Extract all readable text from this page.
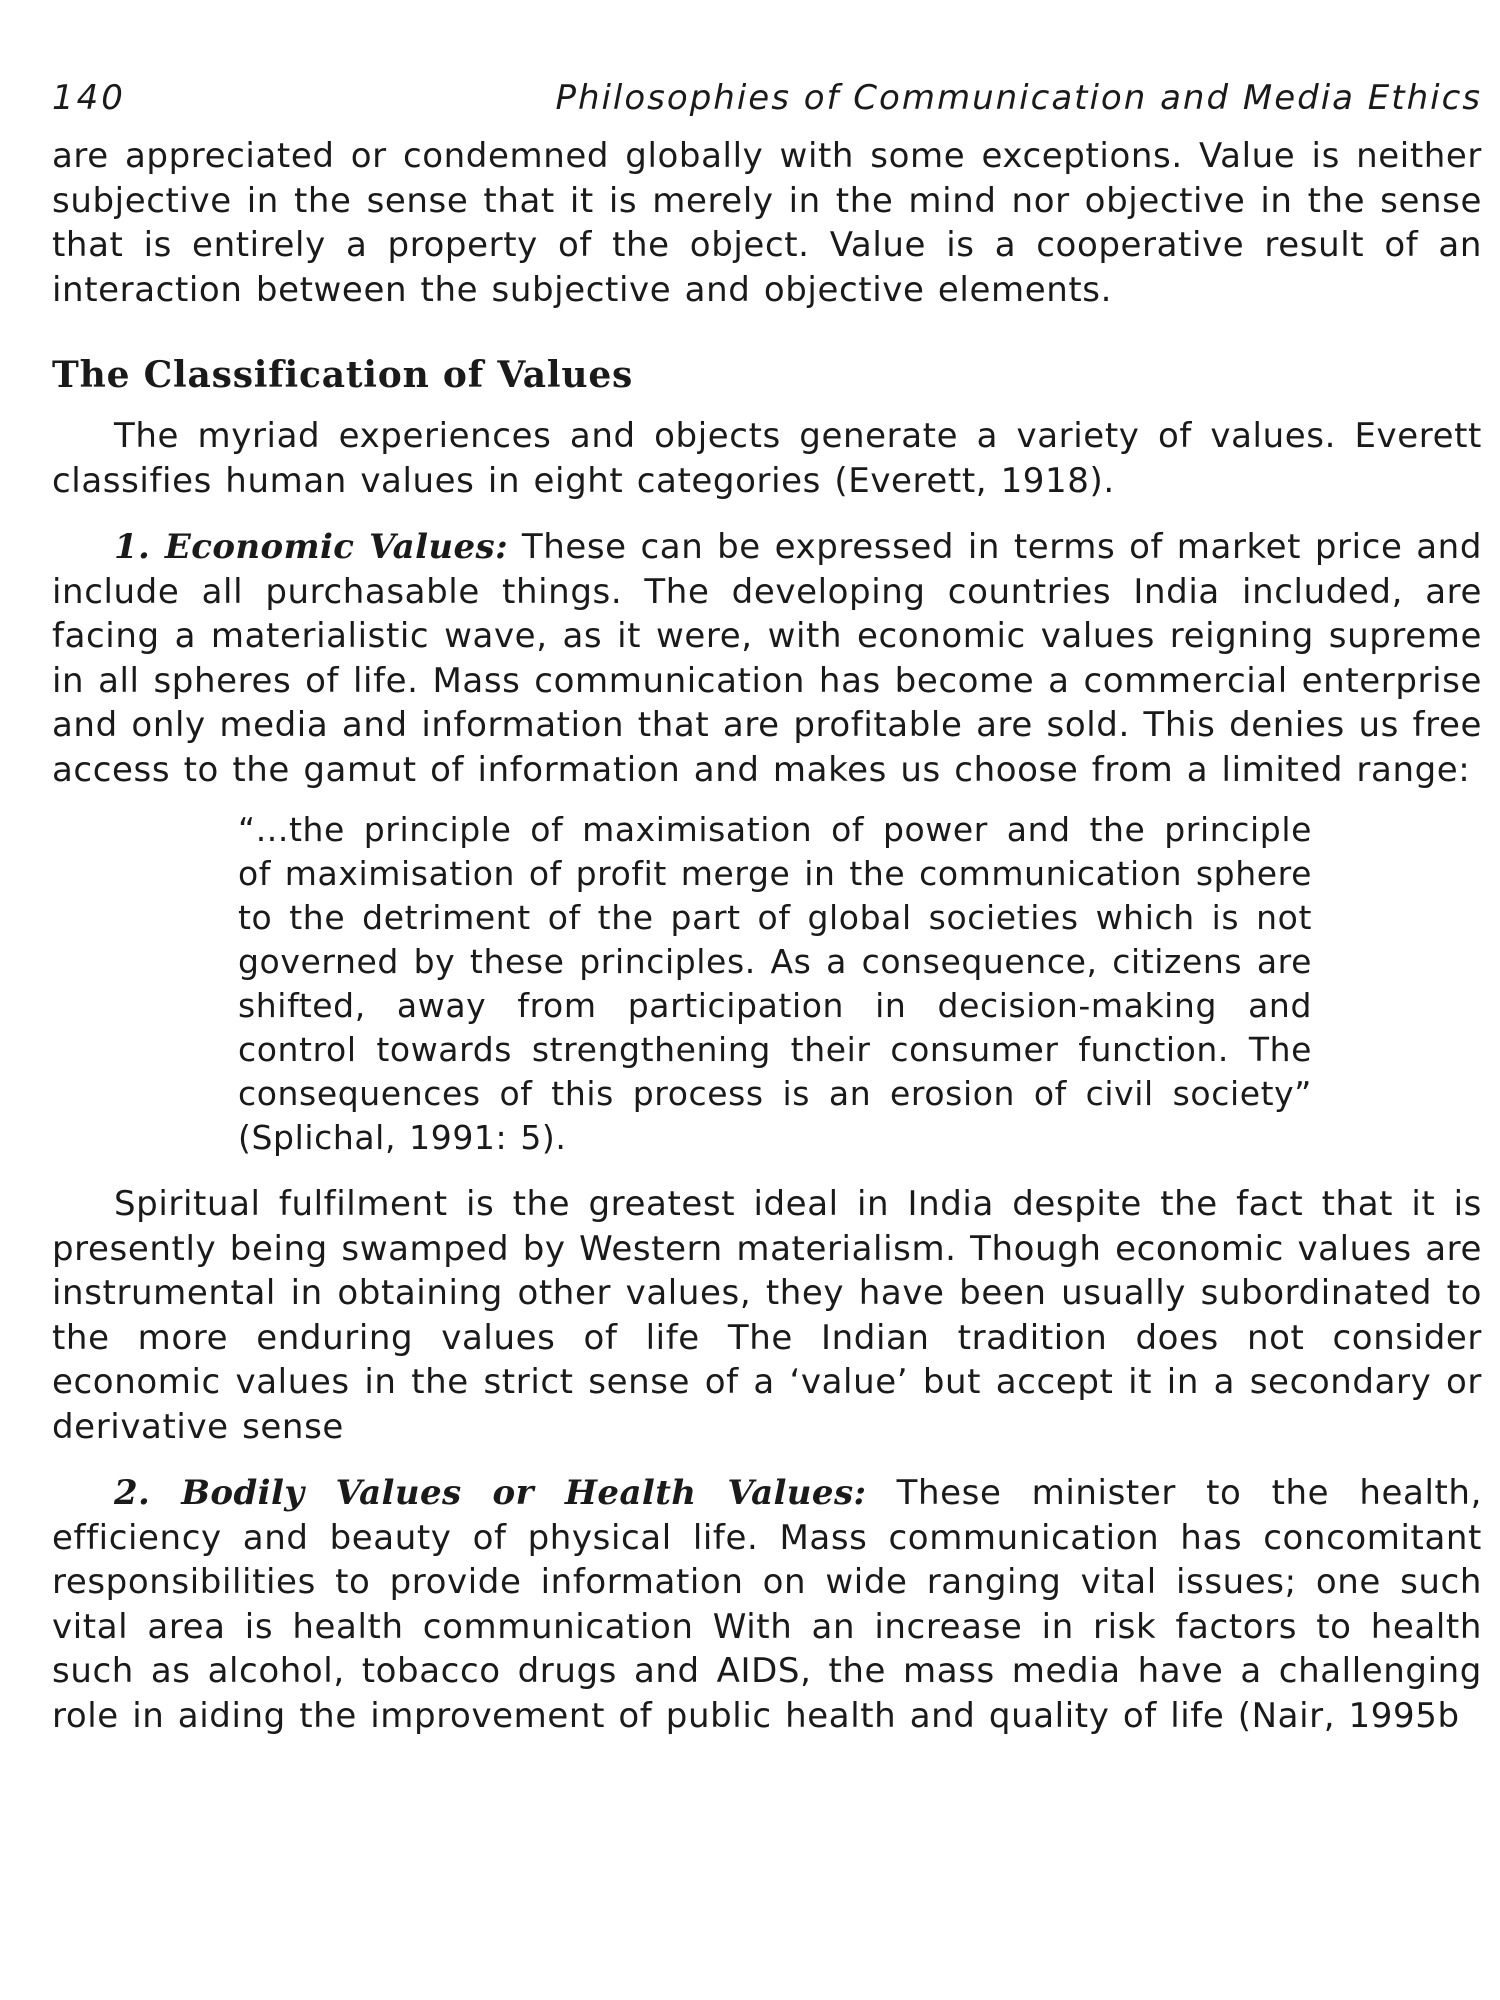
140	Philosophies of Communication and Media Ethics

are appreciated or condemned globally with some exceptions. Value is neither subjective in the sense that it is merely in the mind nor objective in the sense that is entirely a property of the object. Value is a cooperative result of an interaction between the subjective and objective elements.

The Classification of Values

The myriad experiences and objects generate a variety of values. Everett classifies human values in eight categories (Everett, 1918).

1. Economic Values: These can be expressed in terms of market price and include all purchasable things. The developing countries India included, are facing a materialistic wave, as it were, with economic values reigning supreme in all spheres of life. Mass communication has become a commercial enterprise and only media and information that are profitable are sold. This denies us free access to the gamut of information and makes us choose from a limited range:

“...the principle of maximisation of power and the principle of maximisation of profit merge in the communication sphere to the detriment of the part of global societies which is not governed by these principles. As a consequence, citizens are shifted, away from participation in decision-making and control towards strengthening their consumer function. The consequences of this process is an erosion of civil society” (Splichal, 1991: 5).

Spiritual fulfilment is the greatest ideal in India despite the fact that it is presently being swamped by Western materialism. Though economic values are instrumental in obtaining other values, they have been usually subordinated to the more enduring values of life The Indian tradition does not consider economic values in the strict sense of a ‘value’ but accept it in a secondary or derivative sense

2. Bodily Values or Health Values: These minister to the health, efficiency and beauty of physical life. Mass communication has concomitant responsibilities to provide information on wide ranging vital issues; one such vital area is health communication With an increase in risk factors to health such as alcohol, tobacco drugs and AIDS, the mass media have a challenging role in aiding the improvement of public health and quality of life (Nair, 1995b
